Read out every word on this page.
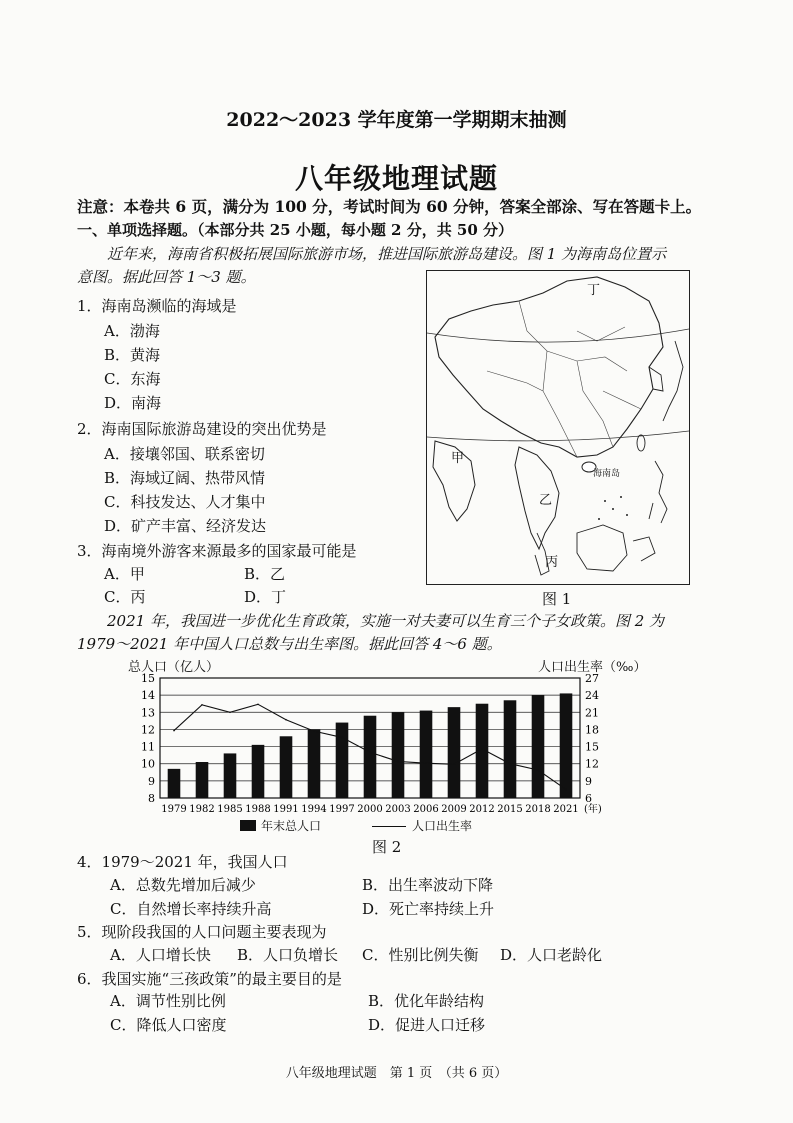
2022～2023 学年度第一学期期末抽测
八年级地理试题
注意：本卷共 6 页，满分为 100 分，考试时间为 60 分钟，答案全部涂、写在答题卡上。
一、单项选择题。（本部分共 25 小题，每小题 2 分，共 50 分）
近年来，海南省积极拓展国际旅游市场，推进国际旅游岛建设。图 1 为海南岛位置示
意图。据此回答 1～3 题。
1．海南岛濒临的海域是
A．渤海
B．黄海
C．东海
D．南海
2．海南国际旅游岛建设的突出优势是
A．接壤邻国、联系密切
B．海域辽阔、热带风情
C．科技发达、人才集中
D．矿产丰富、经济发达
3．海南境外游客来源最多的国家最可能是
A．甲	B．乙
C．丙	D．丁
丁
甲
乙
丙
海南岛
图 1
2021 年，我国进一步优化生育政策，实施一对夫妻可以生育三个子女政策。图 2 为
1979～2021 年中国人口总数与出生率图。据此回答 4～6 题。
总人口（亿人）	人口出生率（‰）
8
9
10
11
12
13
14
15
6
9
12
15
18
21
24
27
1979 1982 1985 1988 1991 1994 1997 2000 2003 2006 2009 2012 2015 2018 2021 (年)
年末总人口	人口出生率
图 2
4．1979～2021 年，我国人口
A．总数先增加后减少	B．出生率波动下降
C．自然增长率持续升高	D．死亡率持续上升
5．现阶段我国的人口问题主要表现为
A．人口增长快 B．人口负增长 C．性别比例失衡 D．人口老龄化
6．我国实施“三孩政策”的最主要目的是
A．调节性别比例	B．优化年龄结构
C．降低人口密度	D．促进人口迁移
八年级地理试题　第 1 页　（共 6 页）
